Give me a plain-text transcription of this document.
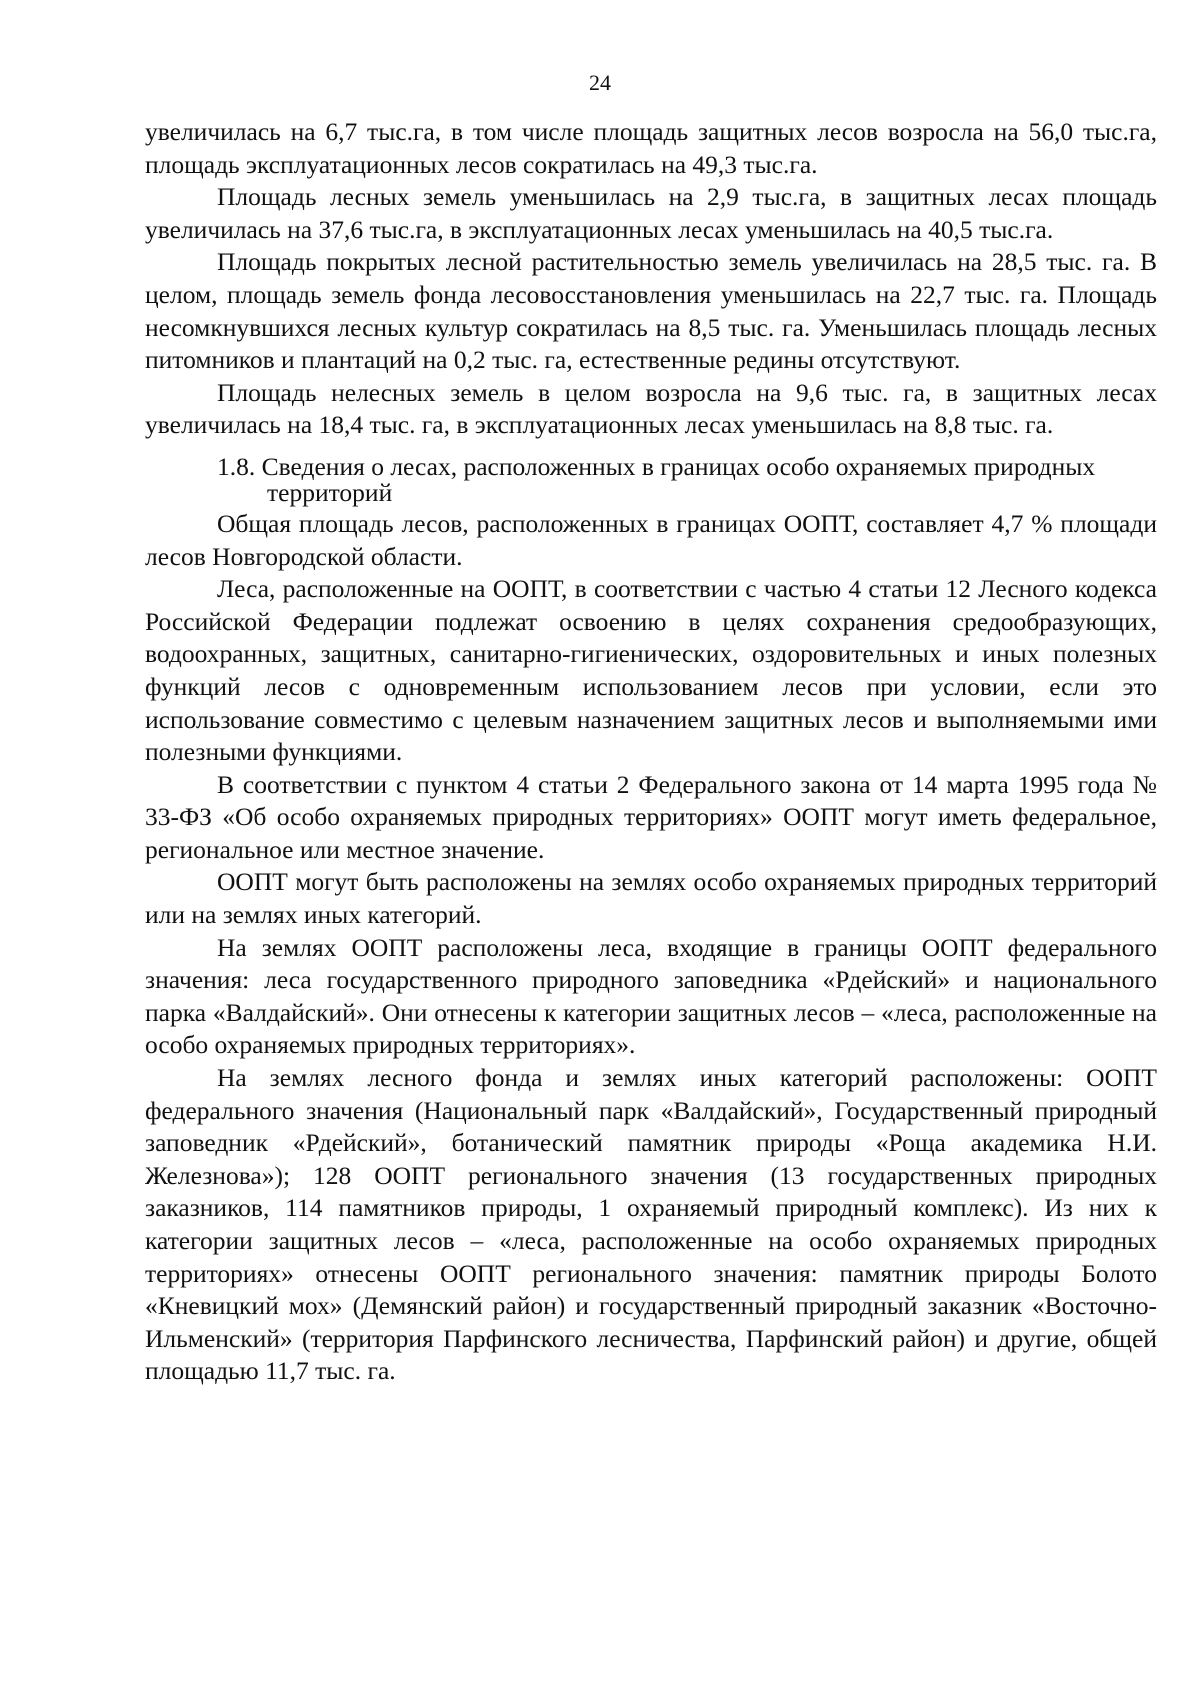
24

увеличилась на 6,7 тыс.га, в том числе площадь защитных лесов возросла на 56,0 тыс.га, площадь эксплуатационных лесов сократилась на 49,3 тыс.га.

Площадь лесных земель уменьшилась на 2,9 тыс.га, в защитных лесах площадь увеличилась на 37,6 тыс.га, в эксплуатационных лесах уменьшилась на 40,5 тыс.га.

Площадь покрытых лесной растительностью земель увеличилась на 28,5 тыс. га. В целом, площадь земель фонда лесовосстановления уменьшилась на 22,7 тыс. га. Площадь несомкнувшихся лесных культур сократилась на 8,5 тыс. га. Уменьшилась площадь лесных питомников и плантаций на 0,2 тыс. га, естественные редины отсутствуют.

Площадь нелесных земель в целом возросла на 9,6 тыс. га, в защитных лесах увеличилась на 18,4 тыс. га, в эксплуатационных лесах уменьшилась на 8,8 тыс. га.

1.8. Сведения о лесах, расположенных в границах особо охраняемых природных территорий

Общая площадь лесов, расположенных в границах ООПТ, составляет 4,7 % площади лесов Новгородской области.

Леса, расположенные на ООПТ, в соответствии с частью 4 статьи 12 Лесного кодекса Российской Федерации подлежат освоению в целях сохранения средообразующих, водоохранных, защитных, санитарно-гигиенических, оздоровительных и иных полезных функций лесов с одновременным использованием лесов при условии, если это использование совместимо с целевым назначением защитных лесов и выполняемыми ими полезными функциями.

В соответствии с пунктом 4 статьи 2 Федерального закона от 14 марта 1995 года № 33-ФЗ «Об особо охраняемых природных территориях» ООПТ могут иметь федеральное, региональное или местное значение.

ООПТ могут быть расположены на землях особо охраняемых природных территорий или на землях иных категорий.

На землях ООПТ расположены леса, входящие в границы ООПТ федерального значения: леса государственного природного заповедника «Рдейский» и национального парка «Валдайский». Они отнесены к категории защитных лесов – «леса, расположенные на особо охраняемых природных территориях».

На землях лесного фонда и землях иных категорий расположены: ООПТ федерального значения (Национальный парк «Валдайский», Государственный природный заповедник «Рдейский», ботанический памятник природы «Роща академика Н.И. Железнова»); 128 ООПТ регионального значения (13 государственных природных заказников, 114 памятников природы, 1 охраняемый природный комплекс). Из них к категории защитных лесов – «леса, расположенные на особо охраняемых природных территориях» отнесены ООПТ регионального значения: памятник природы Болото «Кневицкий мох» (Демянский район) и государственный природный заказник «Восточно-Ильменский» (территория Парфинского лесничества, Парфинский район) и другие, общей площадью 11,7 тыс. га.
